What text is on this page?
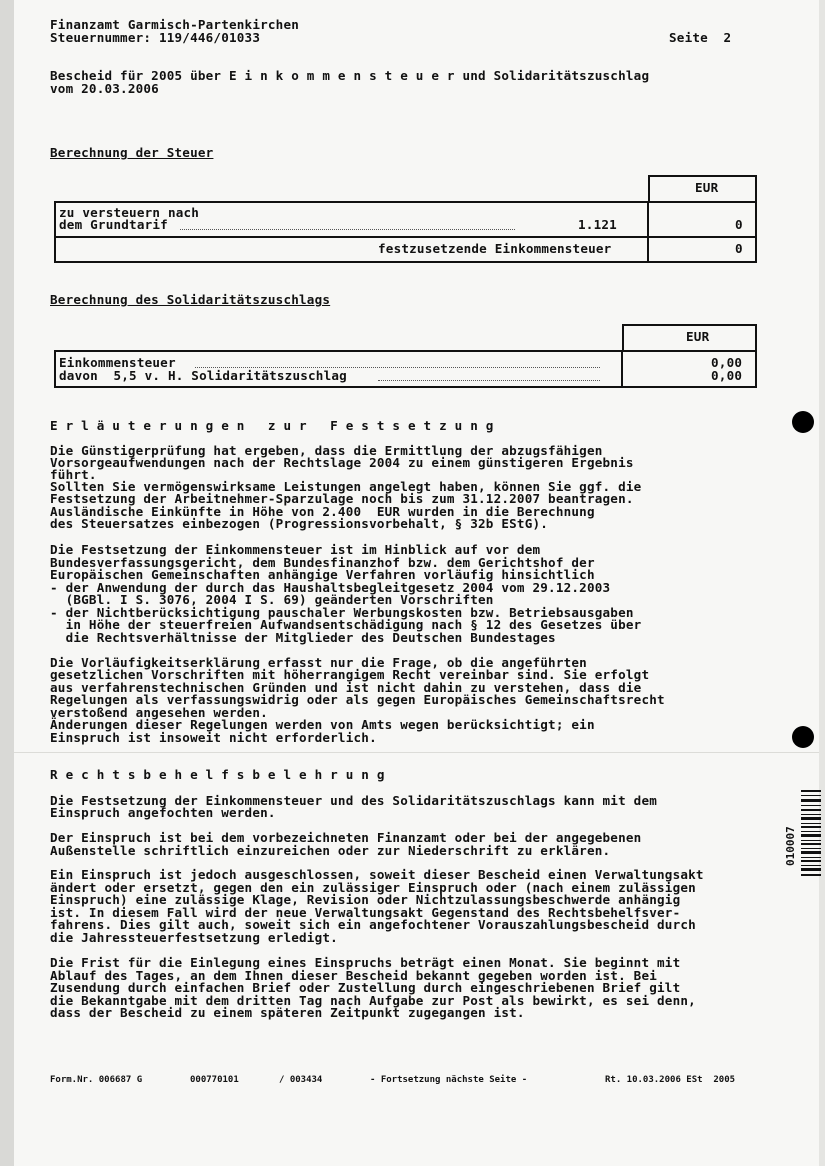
Finanzamt Garmisch-Partenkirchen
Steuernummer: 119/446/01033	Seite  2
Bescheid für 2005 über E i n k o m m e n s t e u e r und Solidaritätszuschlag
vom 20.03.2006
Berechnung der Steuer
EUR
zu versteuern nach
dem Grundtarif	1.121	0
festzusetzende Einkommensteuer	0
Berechnung des Solidaritätszuschlags
EUR
Einkommensteuer	0,00
davon  5,5 v. H. Solidaritätszuschlag	0,00
E r l ä u t e r u n g e n   z u r   F e s t s e t z u n g
Die Günstigerprüfung hat ergeben, dass die Ermittlung der abzugsfähigen
Vorsorgeaufwendungen nach der Rechtslage 2004 zu einem günstigeren Ergebnis
führt.
Sollten Sie vermögenswirksame Leistungen angelegt haben, können Sie ggf. die
Festsetzung der Arbeitnehmer-Sparzulage noch bis zum 31.12.2007 beantragen.
Ausländische Einkünfte in Höhe von 2.400  EUR wurden in die Berechnung
des Steuersatzes einbezogen (Progressionsvorbehalt, § 32b EStG).
Die Festsetzung der Einkommensteuer ist im Hinblick auf vor dem
Bundesverfassungsgericht, dem Bundesfinanzhof bzw. dem Gerichtshof der
Europäischen Gemeinschaften anhängige Verfahren vorläufig hinsichtlich
- der Anwendung der durch das Haushaltsbegleitgesetz 2004 vom 29.12.2003
(BGBl. I S. 3076, 2004 I S. 69) geänderten Vorschriften
- der Nichtberücksichtigung pauschaler Werbungskosten bzw. Betriebsausgaben
in Höhe der steuerfreien Aufwandsentschädigung nach § 12 des Gesetzes über
die Rechtsverhältnisse der Mitglieder des Deutschen Bundestages
Die Vorläufigkeitserklärung erfasst nur die Frage, ob die angeführten
gesetzlichen Vorschriften mit höherrangigem Recht vereinbar sind. Sie erfolgt
aus verfahrenstechnischen Gründen und ist nicht dahin zu verstehen, dass die
Regelungen als verfassungswidrig oder als gegen Europäisches Gemeinschaftsrecht
verstoßend angesehen werden.
Änderungen dieser Regelungen werden von Amts wegen berücksichtigt; ein
Einspruch ist insoweit nicht erforderlich.
R e c h t s b e h e l f s b e l e h r u n g
Die Festsetzung der Einkommensteuer und des Solidaritätszuschlags kann mit dem
Einspruch angefochten werden.
Der Einspruch ist bei dem vorbezeichneten Finanzamt oder bei der angegebenen
Außenstelle schriftlich einzureichen oder zur Niederschrift zu erklären.
Ein Einspruch ist jedoch ausgeschlossen, soweit dieser Bescheid einen Verwaltungsakt
ändert oder ersetzt, gegen den ein zulässiger Einspruch oder (nach einem zulässigen
Einspruch) eine zulässige Klage, Revision oder Nichtzulassungsbeschwerde anhängig
ist. In diesem Fall wird der neue Verwaltungsakt Gegenstand des Rechtsbehelfsver-
fahrens. Dies gilt auch, soweit sich ein angefochtener Vorauszahlungsbescheid durch
die Jahressteuerfestsetzung erledigt.
Die Frist für die Einlegung eines Einspruchs beträgt einen Monat. Sie beginnt mit
Ablauf des Tages, an dem Ihnen dieser Bescheid bekannt gegeben worden ist. Bei
Zusendung durch einfachen Brief oder Zustellung durch eingeschriebenen Brief gilt
die Bekanntgabe mit dem dritten Tag nach Aufgabe zur Post als bewirkt, es sei denn,
dass der Bescheid zu einem späteren Zeitpunkt zugegangen ist.
Form.Nr. 006687 G	000770101	/ 003434	- Fortsetzung nächste Seite -	Rt. 10.03.2006 ESt  2005
010007
